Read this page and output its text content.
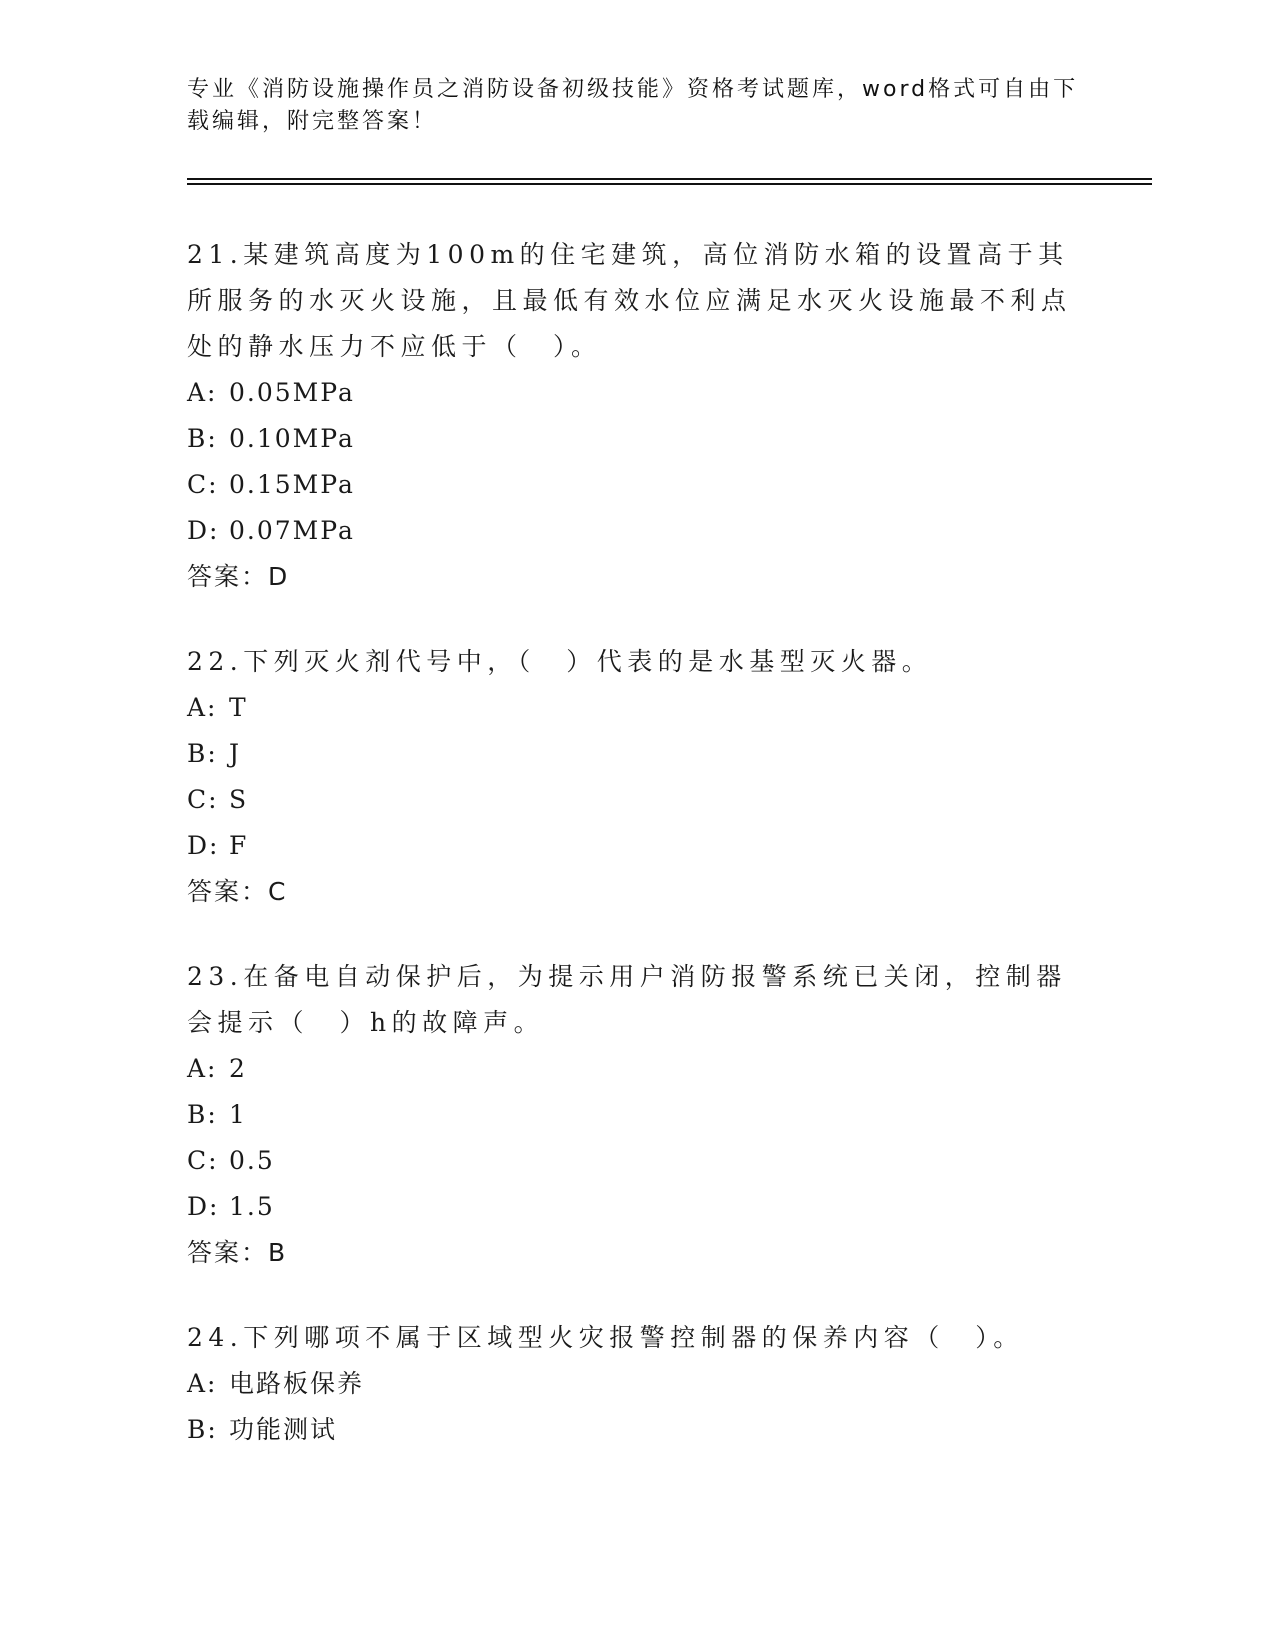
专业《消防设施操作员之消防设备初级技能》资格考试题库，word格式可自由下载编辑，附完整答案！

21.某建筑高度为100m的住宅建筑，高位消防水箱的设置高于其所服务的水灭火设施，且最低有效水位应满足水灭火设施最不利点处的静水压力不应低于（　）。

A: 0.05MPa

B: 0.10MPa

C: 0.15MPa

D: 0.07MPa

答案：D

22.下列灭火剂代号中，（　）代表的是水基型灭火器。

A: T

B: J

C: S

D: F

答案：C

23.在备电自动保护后，为提示用户消防报警系统已关闭，控制器会提示（　）h的故障声。

A: 2

B: 1

C: 0.5

D: 1.5

答案：B

24.下列哪项不属于区域型火灾报警控制器的保养内容（　）。

A: 电路板保养

B: 功能测试
